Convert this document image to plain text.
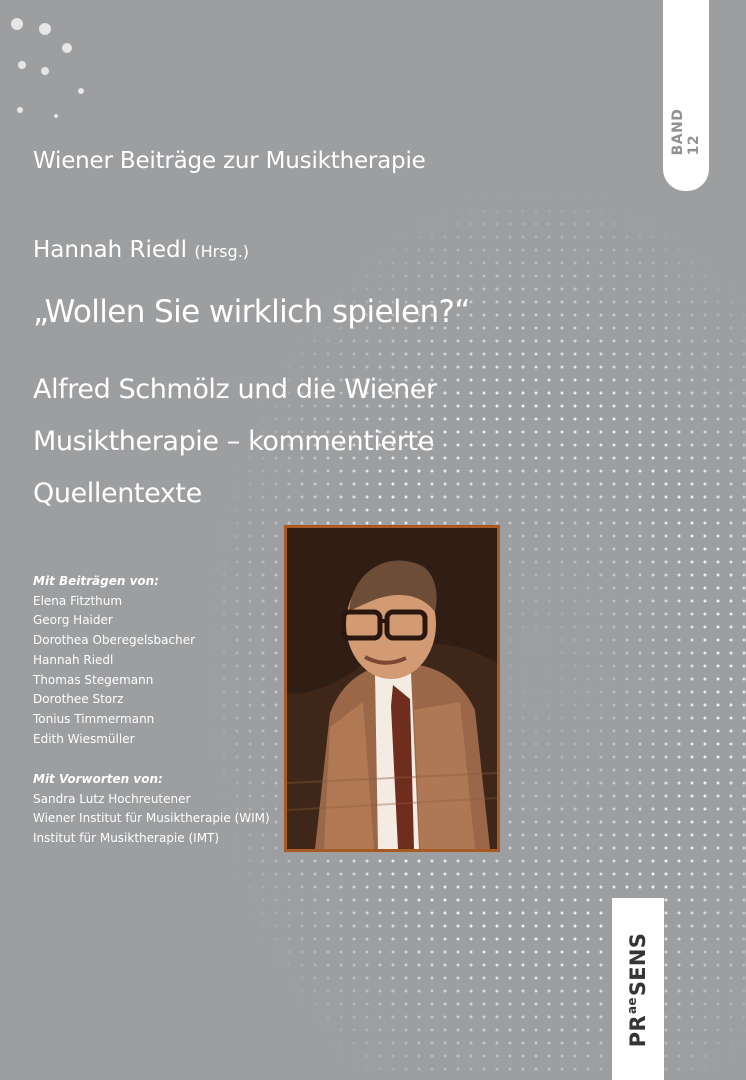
BAND 12
Wiener Beiträge zur Musiktherapie
Hannah Riedl (Hrsg.)
„Wollen Sie wirklich spielen?“
Alfred Schmölz und die Wiener
Musiktherapie – kommentierte
Quellentexte
Mit Beiträgen von:
Elena Fitzthum
Georg Haider
Dorothea Oberegelsbacher
Hannah Riedl
Thomas Stegemann
Dorothee Storz
Tonius Timmermann
Edith Wiesmüller
Mit Vorworten von:
Sandra Lutz Hochreutener
Wiener Institut für Musiktherapie (WIM)
Institut für Musiktherapie (IMT)
PR
$^{ae}$
SENS
